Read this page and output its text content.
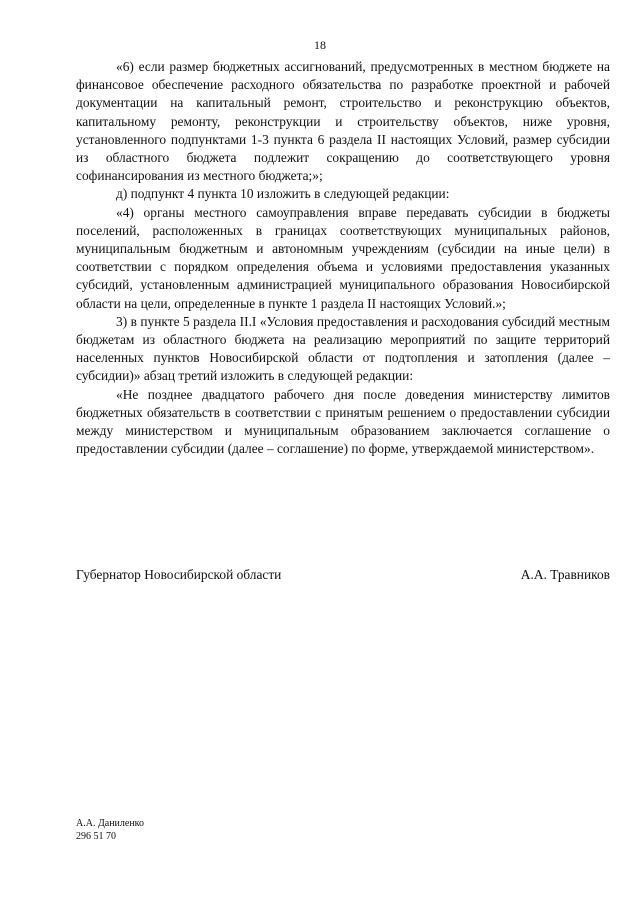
18

«6) если размер бюджетных ассигнований, предусмотренных в местном бюджете на финансовое обеспечение расходного обязательства по разработке проектной и рабочей документации на капитальный ремонт, строительство и реконструкцию объектов, капитальному ремонту, реконструкции и строительству объектов, ниже уровня, установленного подпунктами 1-3 пункта 6 раздела II настоящих Условий, размер субсидии из областного бюджета подлежит сокращению до соответствующего уровня софинансирования из местного бюджета;»;

д) подпункт 4 пункта 10 изложить в следующей редакции:

«4) органы местного самоуправления вправе передавать субсидии в бюджеты поселений, расположенных в границах соответствующих муниципальных районов, муниципальным бюджетным и автономным учреждениям (субсидии на иные цели) в соответствии с порядком определения объема и условиями предоставления указанных субсидий, установленным администрацией муниципального образования Новосибирской области на цели, определенные в пункте 1 раздела II настоящих Условий.»;

3) в пункте 5 раздела II.I «Условия предоставления и расходования субсидий местным бюджетам из областного бюджета на реализацию мероприятий по защите территорий населенных пунктов Новосибирской области от подтопления и затопления (далее – субсидии)» абзац третий изложить в следующей редакции:

«Не позднее двадцатого рабочего дня после доведения министерству лимитов бюджетных обязательств в соответствии с принятым решением о предоставлении субсидии между министерством и муниципальным образованием заключается соглашение о предоставлении субсидии (далее – соглашение) по форме, утверждаемой министерством».

Губернатор Новосибирской области	А.А. Травников
А.А. Даниленко
296 51 70
